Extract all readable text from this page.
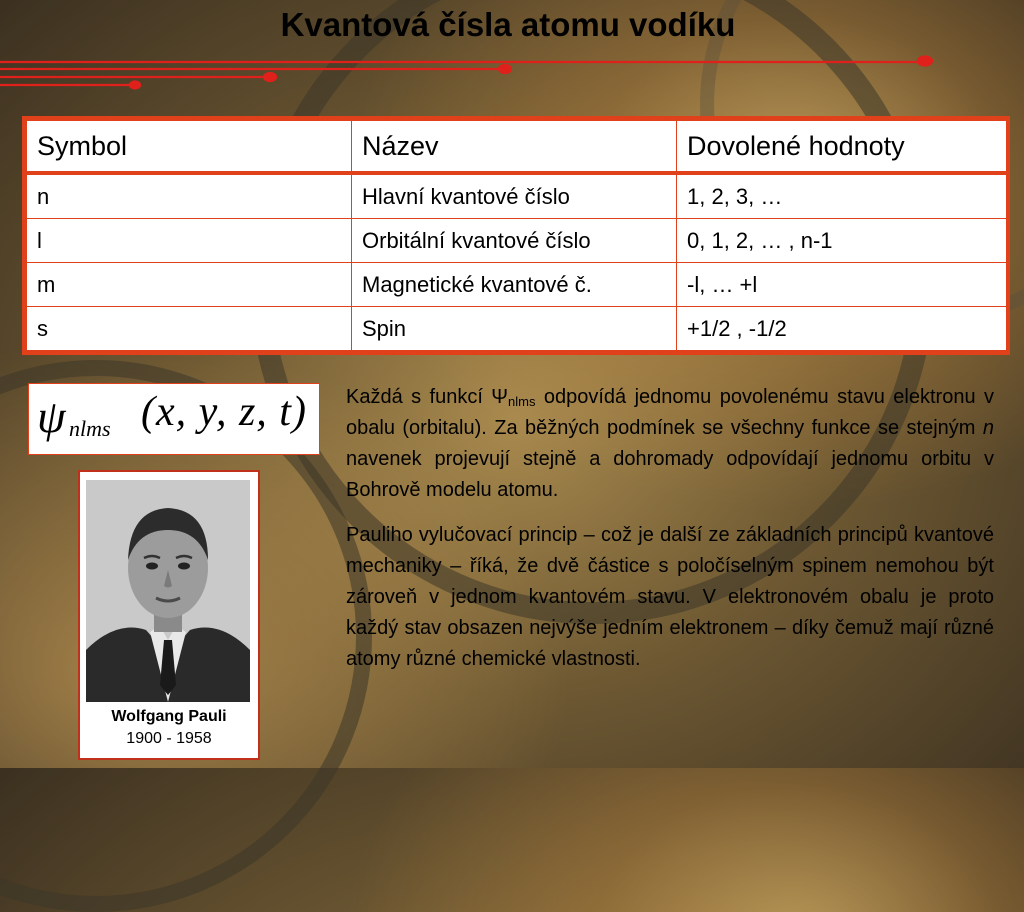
Kvantová čísla atomu vodíku
Symbol	Název	Dovolené hodnoty
n	Hlavní kvantové číslo	1, 2, 3, …
l	Orbitální kvantové číslo	0, 1, 2, … , n-1
m	Magnetické kvantové č.	-l, … +l
s	Spin	+1/2 , -1/2
ψ nlms (x, y, z, t)
Wolfgang Pauli
1900 - 1958

Každá s funkcí $\Psi_{nlms}$ odpovídá jednomu povolenému stavu elektronu v obalu (orbitalu). Za běžných podmínek se všechny funkce se stejným n navenek projevují stejně a dohromady odpovídají jednomu orbitu v Bohrově modelu atomu.

Pauliho vylučovací princip – což je další ze základních principů kvantové mechaniky – říká, že dvě částice s poločíselným spinem nemohou být zároveň v jednom kvantovém stavu. V elektronovém obalu je proto každý stav obsazen nejvýše jedním elektronem – díky čemuž mají různé atomy různé chemické vlastnosti.
